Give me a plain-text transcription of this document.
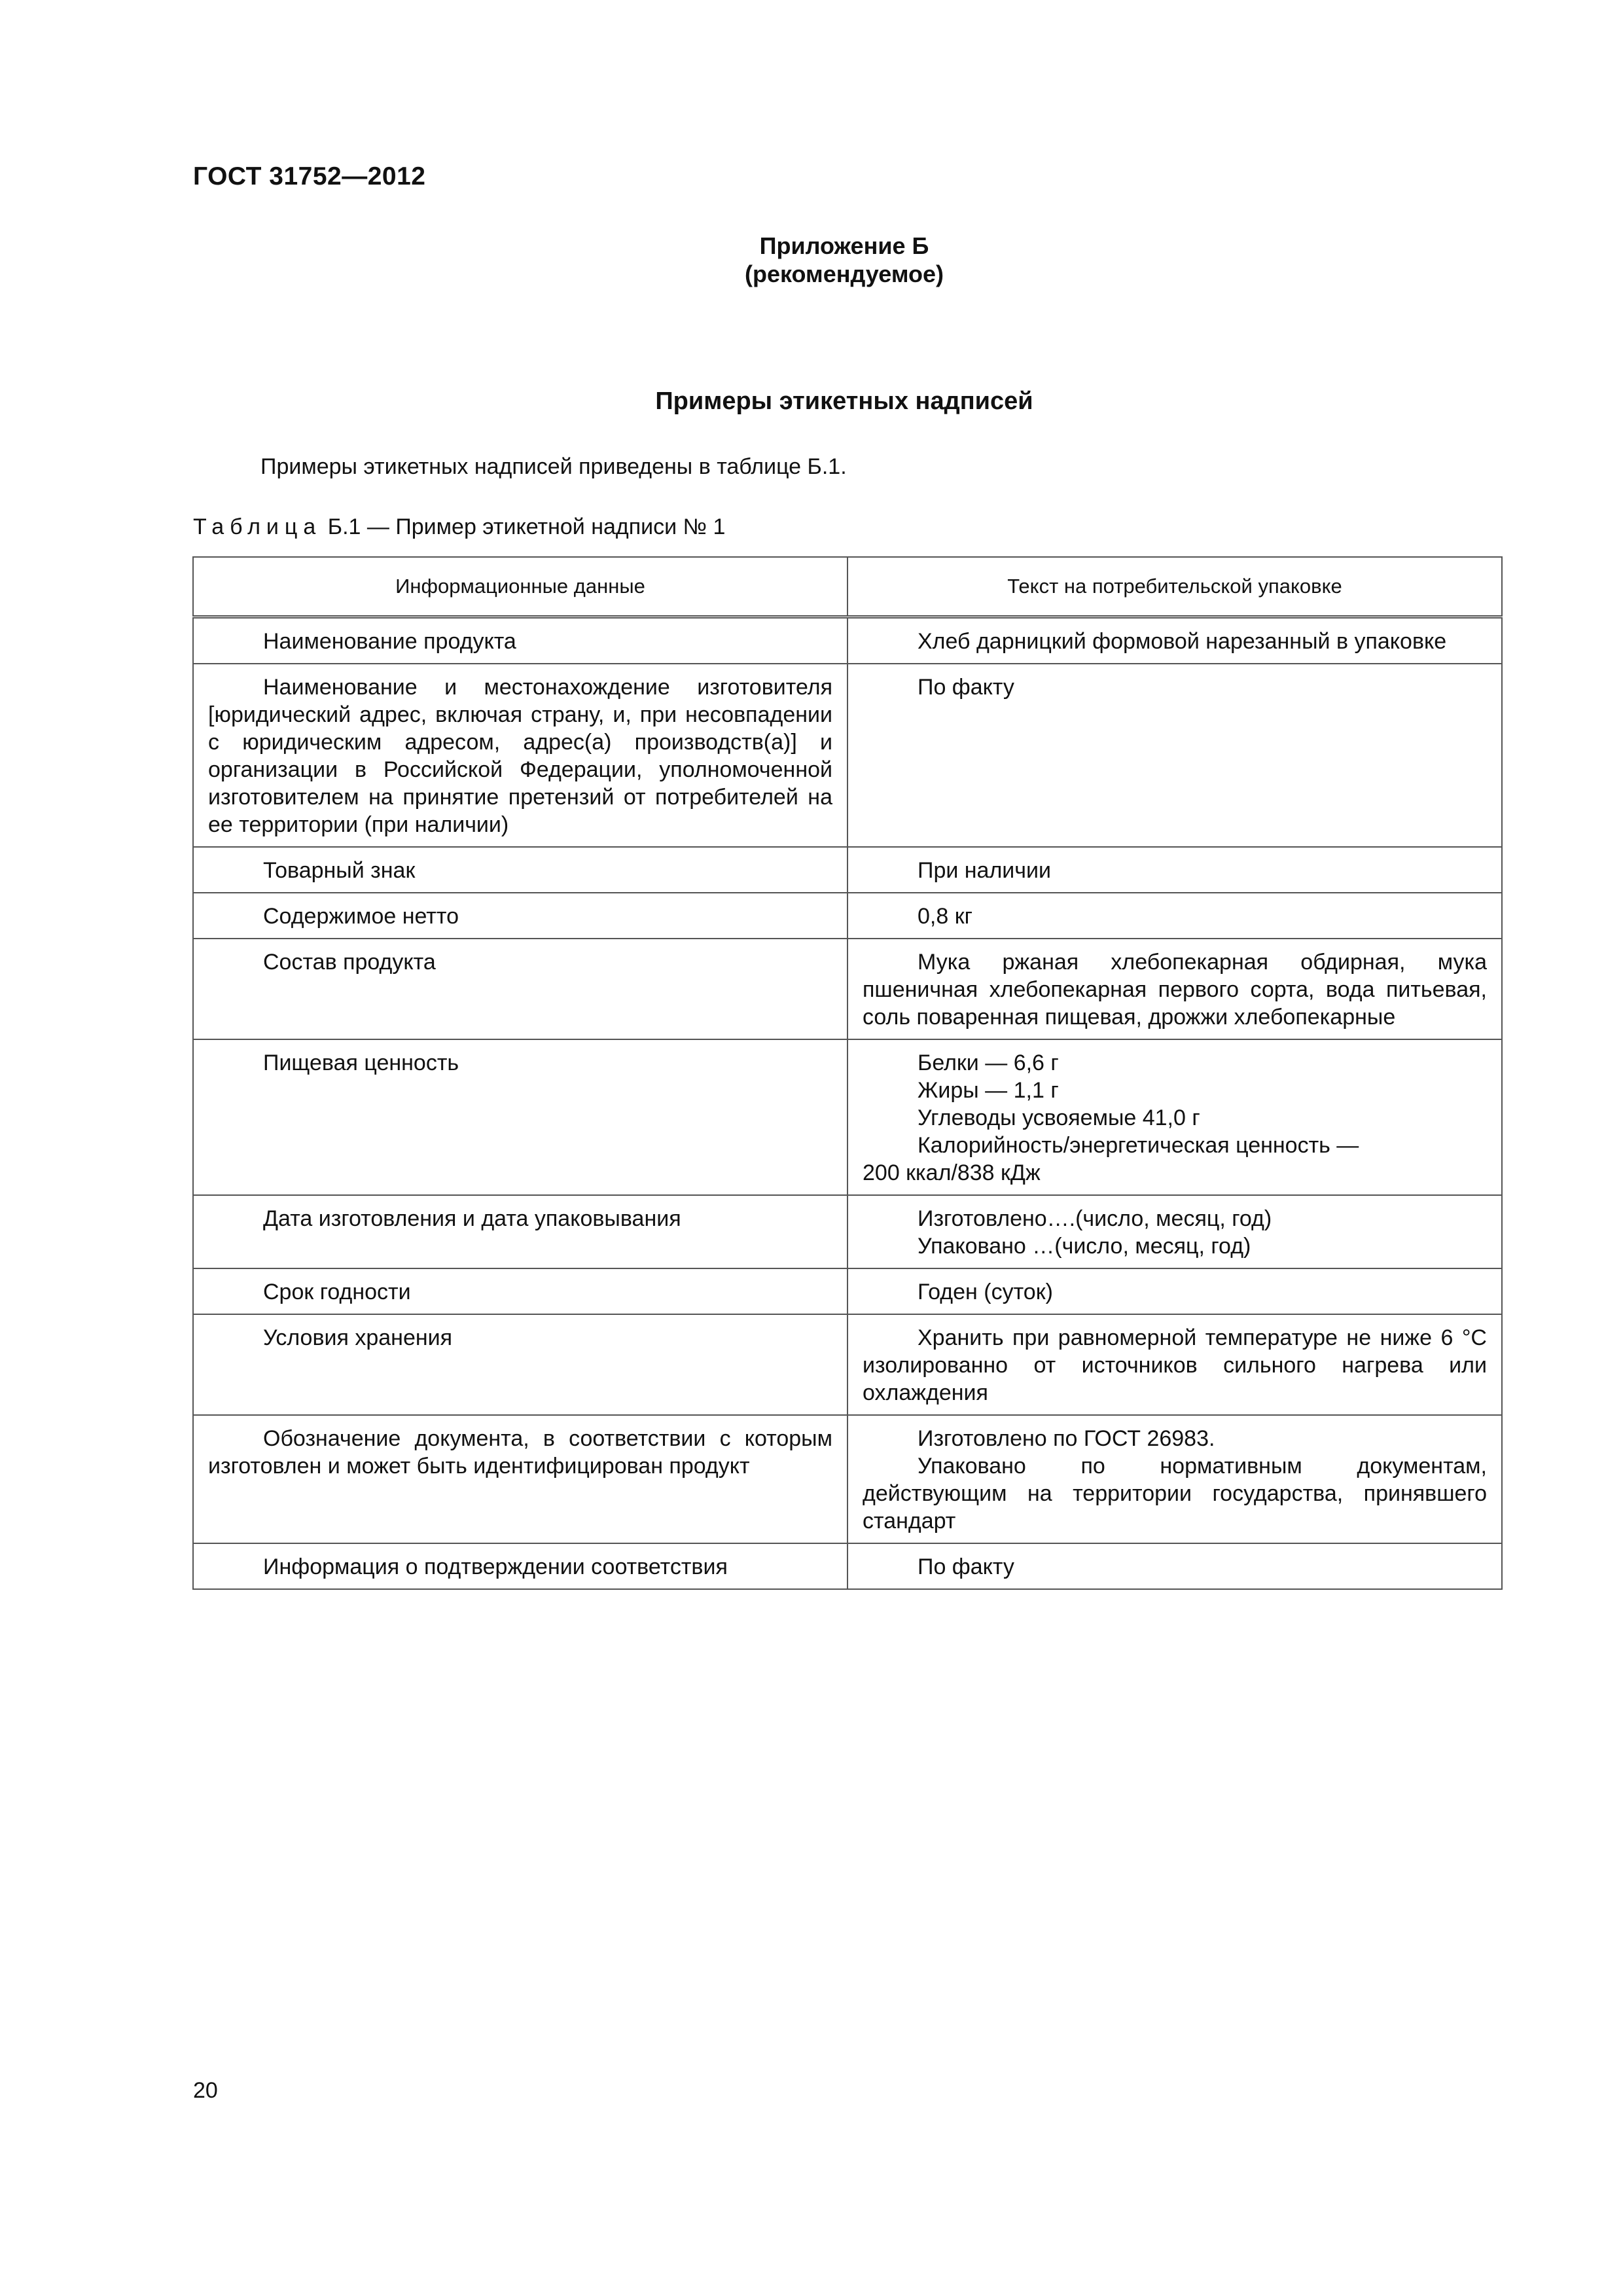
ГОСТ 31752—2012
Приложение Б
(рекомендуемое)
Примеры этикетных надписей
Примеры этикетных надписей приведены в таблице Б.1.
Таблица Б.1 — Пример этикетной надписи № 1
Информационные данные	Текст на потребительской упаковке

Наименование продукта	Хлеб дарницкий формовой нарезанный в упаковке

Наименование и местонахождение изготовителя [юридический адрес, включая страну, и, при несовпадении с юридическим адресом, адрес(а) производств(а)] и организации в Российской Федерации, уполномоченной изготовителем на принятие претензий от потребителей на ее территории (при наличии)	По факту

Товарный знак	При наличии

Содержимое нетто	0,8 кг

Состав продукта	Мука ржаная хлебопекарная обдирная, мука пшеничная хлебопекарная первого сорта, вода питьевая, соль поваренная пищевая, дрожжи хлебопекарные

Пищевая ценность	Белки — 6,6 г
Жиры — 1,1 г
Углеводы усвояемые 41,0 г
Калорийность/энергетическая ценность —
200 ккал/838 кДж

Дата изготовления и дата упаковывания	Изготовлено….(число, месяц, год)
Упаковано …(число, месяц, год)

Срок годности	Годен (суток)

Условия хранения	Хранить при равномерной температуре не ниже 6 °С изолированно от источников сильного нагрева или охлаждения

Обозначение документа, в соответствии с которым изготовлен и может быть идентифицирован продукт	Изготовлено по ГОСТ 26983.
Упаковано по нормативным документам, действующим на территории государства, принявшего стандарт

Информация о подтверждении соответствия	По факту
20
